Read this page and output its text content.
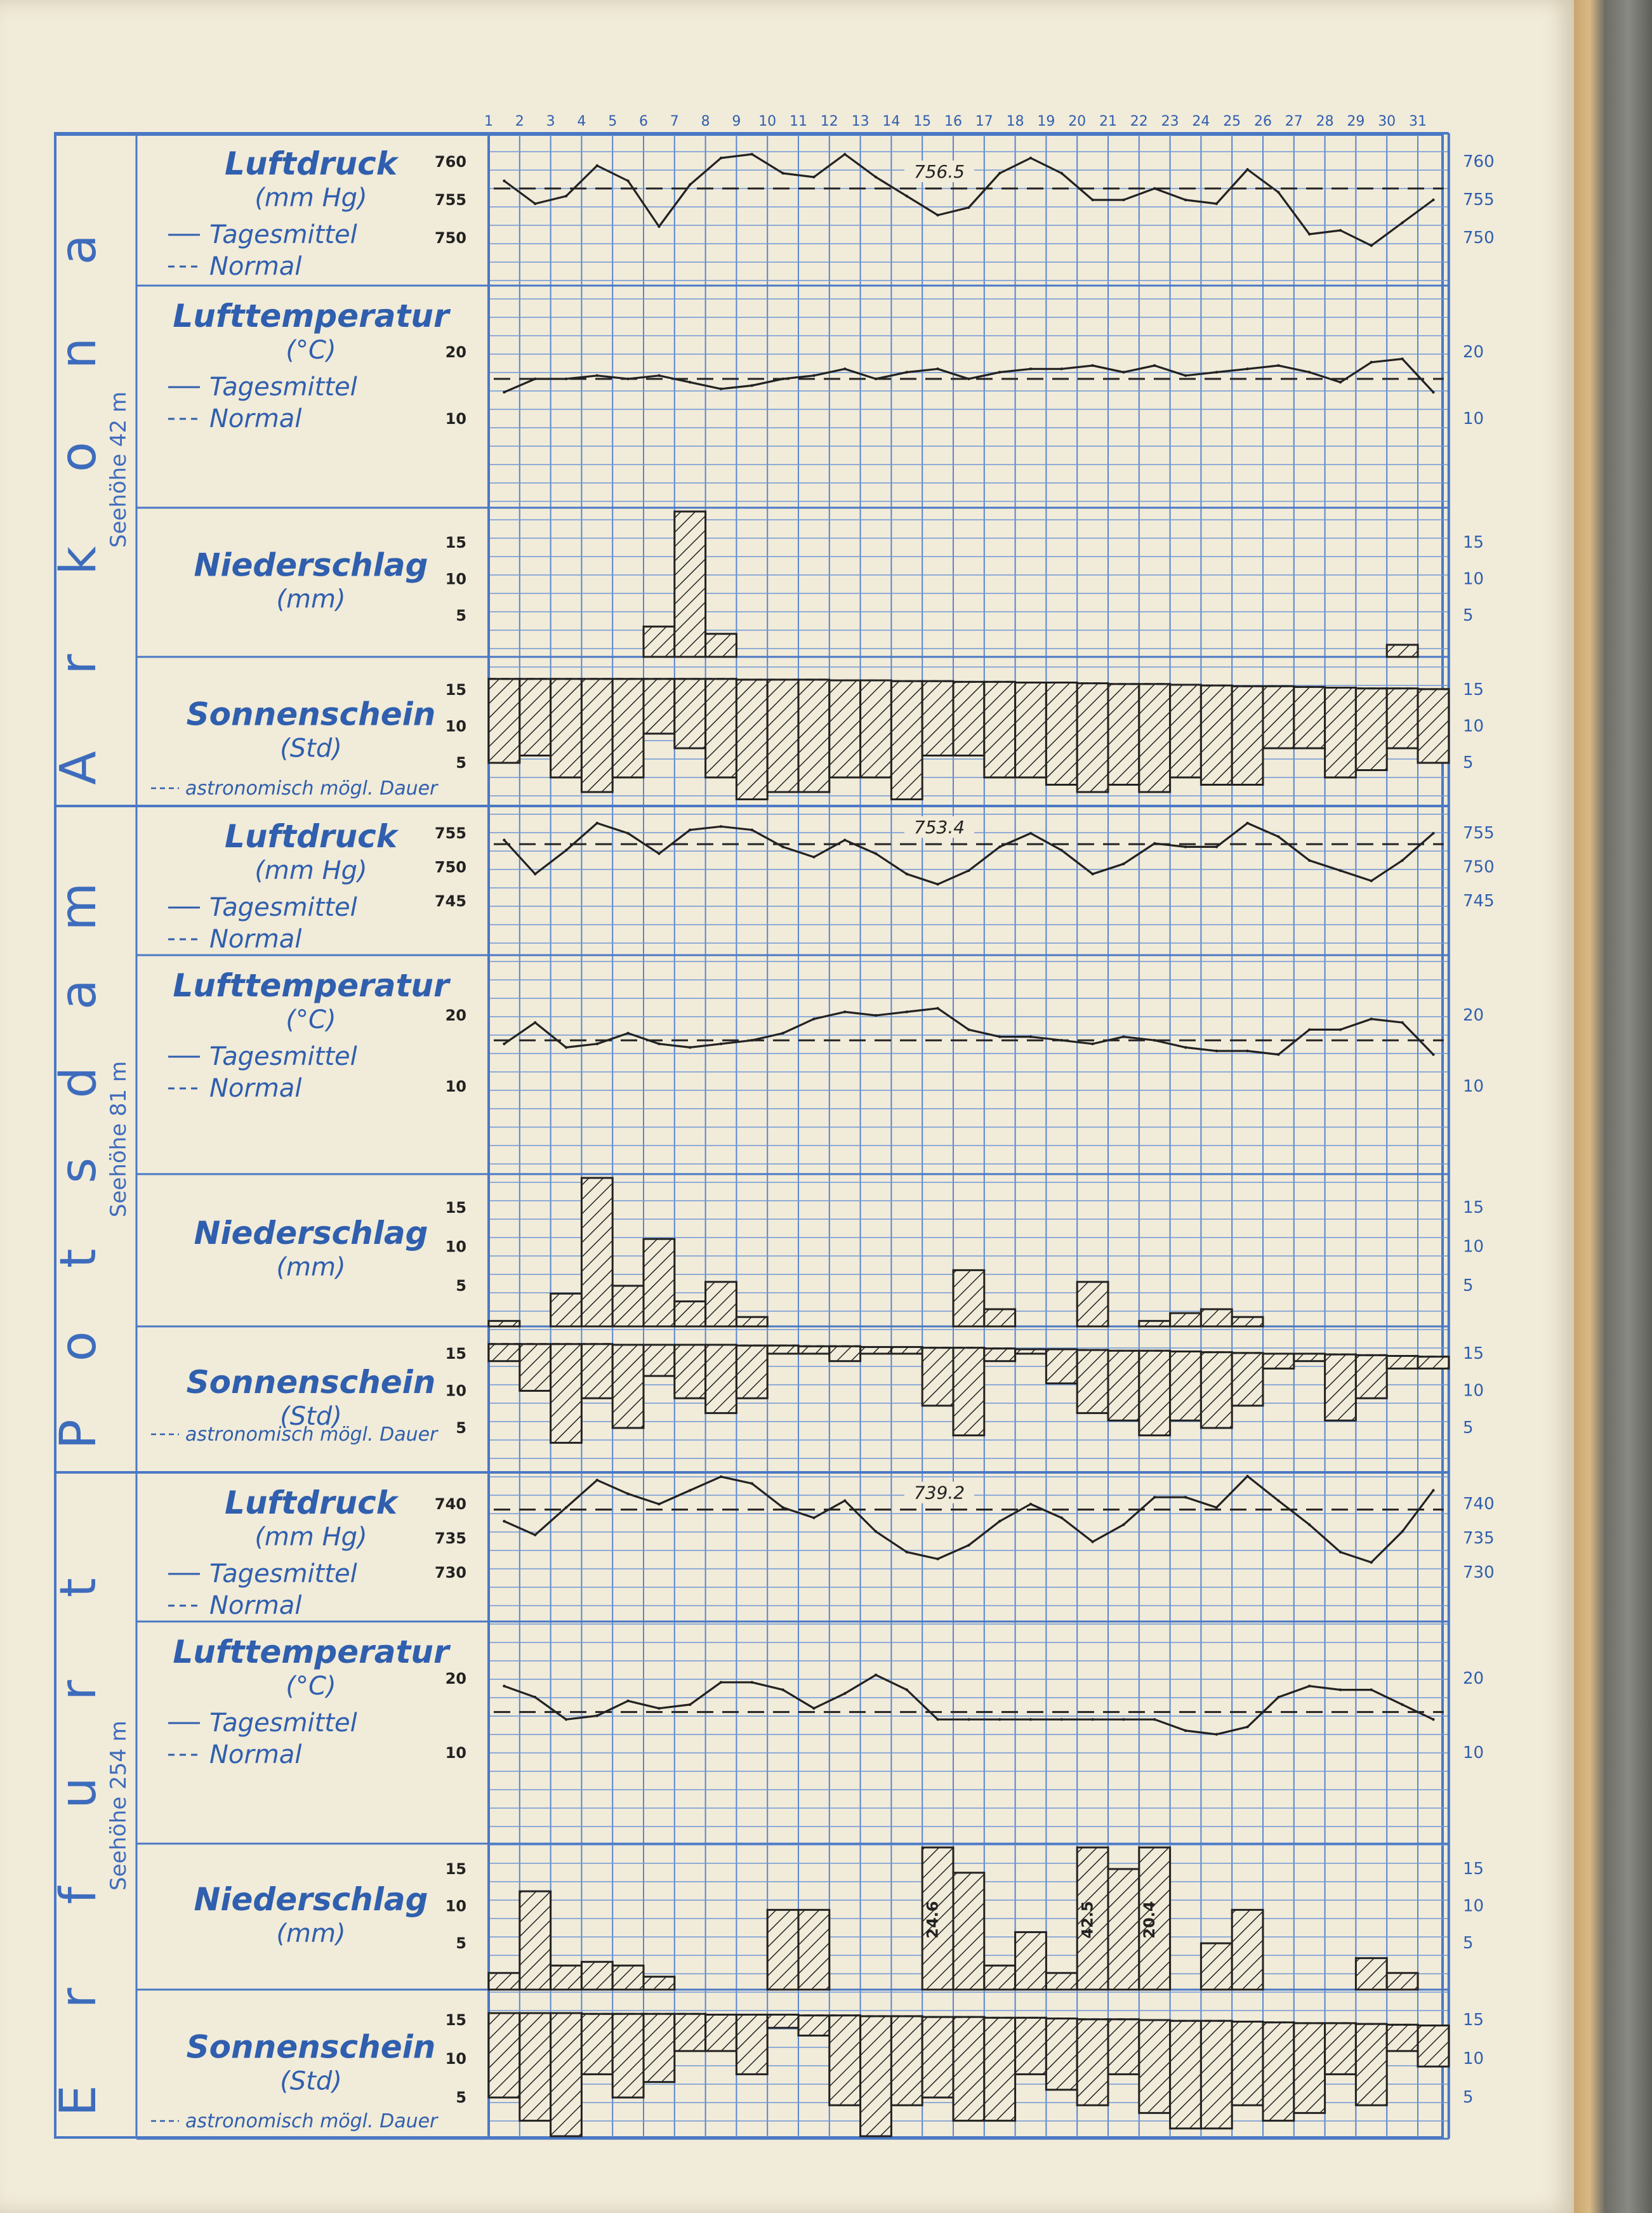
1 2 3 4 5 6 7 8 9 10 11 12 13 14 15 16 17 18 19 20 21 22 23 24 25 26 27 28 29 30 31
A
r
k
o
n
a
Seehöhe 42 m
Luftdruck
(mm Hg)
Tagesmittel
Normal
760
755
750
760
755
750
Lufttemperatur
(°C)
Tagesmittel
Normal
20
10
20
10
Niederschlag
(mm)
15
10
5
15
10
5
Sonnenschein
(Std)
astronomisch mögl. Dauer
15
10
5
15
10
5
P
o
t
s
d
a
m
Seehöhe 81 m
Luftdruck
(mm Hg)
Tagesmittel
Normal
755
750
745
755
750
745
Lufttemperatur
(°C)
Tagesmittel
Normal
20
10
20
10
Niederschlag
(mm)
15
10
5
15
10
5
Sonnenschein
(Std)
astronomisch mögl. Dauer
15
10
5
15
10
5
E
r
f
u
r
t
Seehöhe 254 m
Luftdruck
(mm Hg)
Tagesmittel
Normal
740
735
730
740
735
730
Lufttemperatur
(°C)
Tagesmittel
Normal
20
10
20
10
Niederschlag
(mm)
15
10
5
15
10
5
Sonnenschein
(Std)
astronomisch mögl. Dauer
15
10
5
15
10
5
756.5
753.4
739.2
24.6	42.5	20.4
